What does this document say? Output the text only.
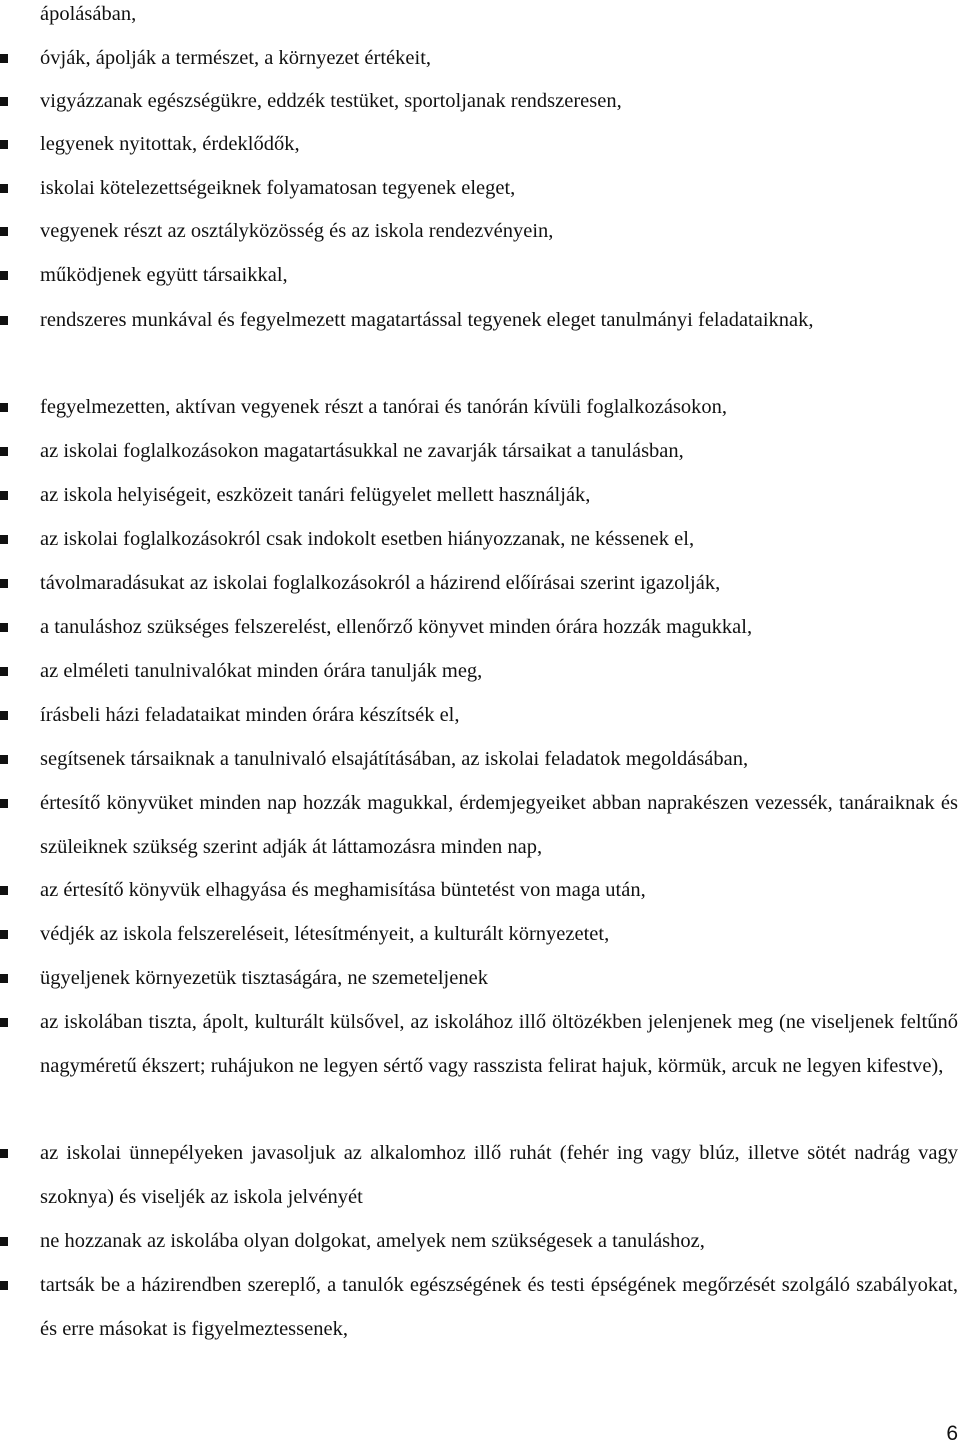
ápolásában,
óvják, ápolják a természet, a környezet értékeit,
vigyázzanak egészségükre, eddzék testüket, sportoljanak rendszeresen,
legyenek nyitottak, érdeklődők,
iskolai kötelezettségeiknek folyamatosan tegyenek eleget,
vegyenek részt az osztályközösség és az iskola rendezvényein,
működjenek együtt társaikkal,
rendszeres munkával és fegyelmezett magatartással tegyenek eleget tanulmányi feladataiknak,
fegyelmezetten, aktívan vegyenek részt a tanórai és tanórán kívüli foglalkozásokon,
az iskolai foglalkozásokon magatartásukkal ne zavarják társaikat a tanulásban,
az iskola helyiségeit, eszközeit tanári felügyelet mellett használják,
az iskolai foglalkozásokról csak indokolt esetben hiányozzanak, ne késsenek el,
távolmaradásukat az iskolai foglalkozásokról a házirend előírásai szerint igazolják,
a tanuláshoz szükséges felszerelést, ellenőrző könyvet minden órára hozzák magukkal,
az elméleti tanulnivalókat minden órára tanulják meg,
írásbeli házi feladataikat minden órára készítsék el,
segítsenek társaiknak a tanulnivaló elsajátításában, az iskolai feladatok megoldásában,
értesítő könyvüket minden nap hozzák magukkal, érdemjegyeiket abban naprakészen vezessék, tanáraiknak és szüleiknek szükség szerint adják át láttamozásra minden nap,
az értesítő könyvük elhagyása és meghamisítása büntetést von maga után,
védjék az iskola felszereléseit, létesítményeit, a kulturált környezetet,
ügyeljenek környezetük tisztaságára, ne szemeteljenek
az iskolában tiszta, ápolt, kulturált külsővel, az iskolához illő öltözékben jelenjenek meg (ne viseljenek feltűnő nagyméretű ékszert; ruhájukon ne legyen sértő vagy rasszista felirat hajuk, körmük, arcuk ne legyen kifestve),
az iskolai ünnepélyeken javasoljuk az alkalomhoz illő ruhát (fehér ing vagy blúz, illetve sötét nadrág vagy szoknya) és viseljék az iskola jelvényét
ne hozzanak az iskolába olyan dolgokat, amelyek nem szükségesek a tanuláshoz,
tartsák be a házirendben szereplő, a tanulók egészségének és testi épségének megőrzését szolgáló szabályokat, és erre másokat is figyelmeztessenek,
6
